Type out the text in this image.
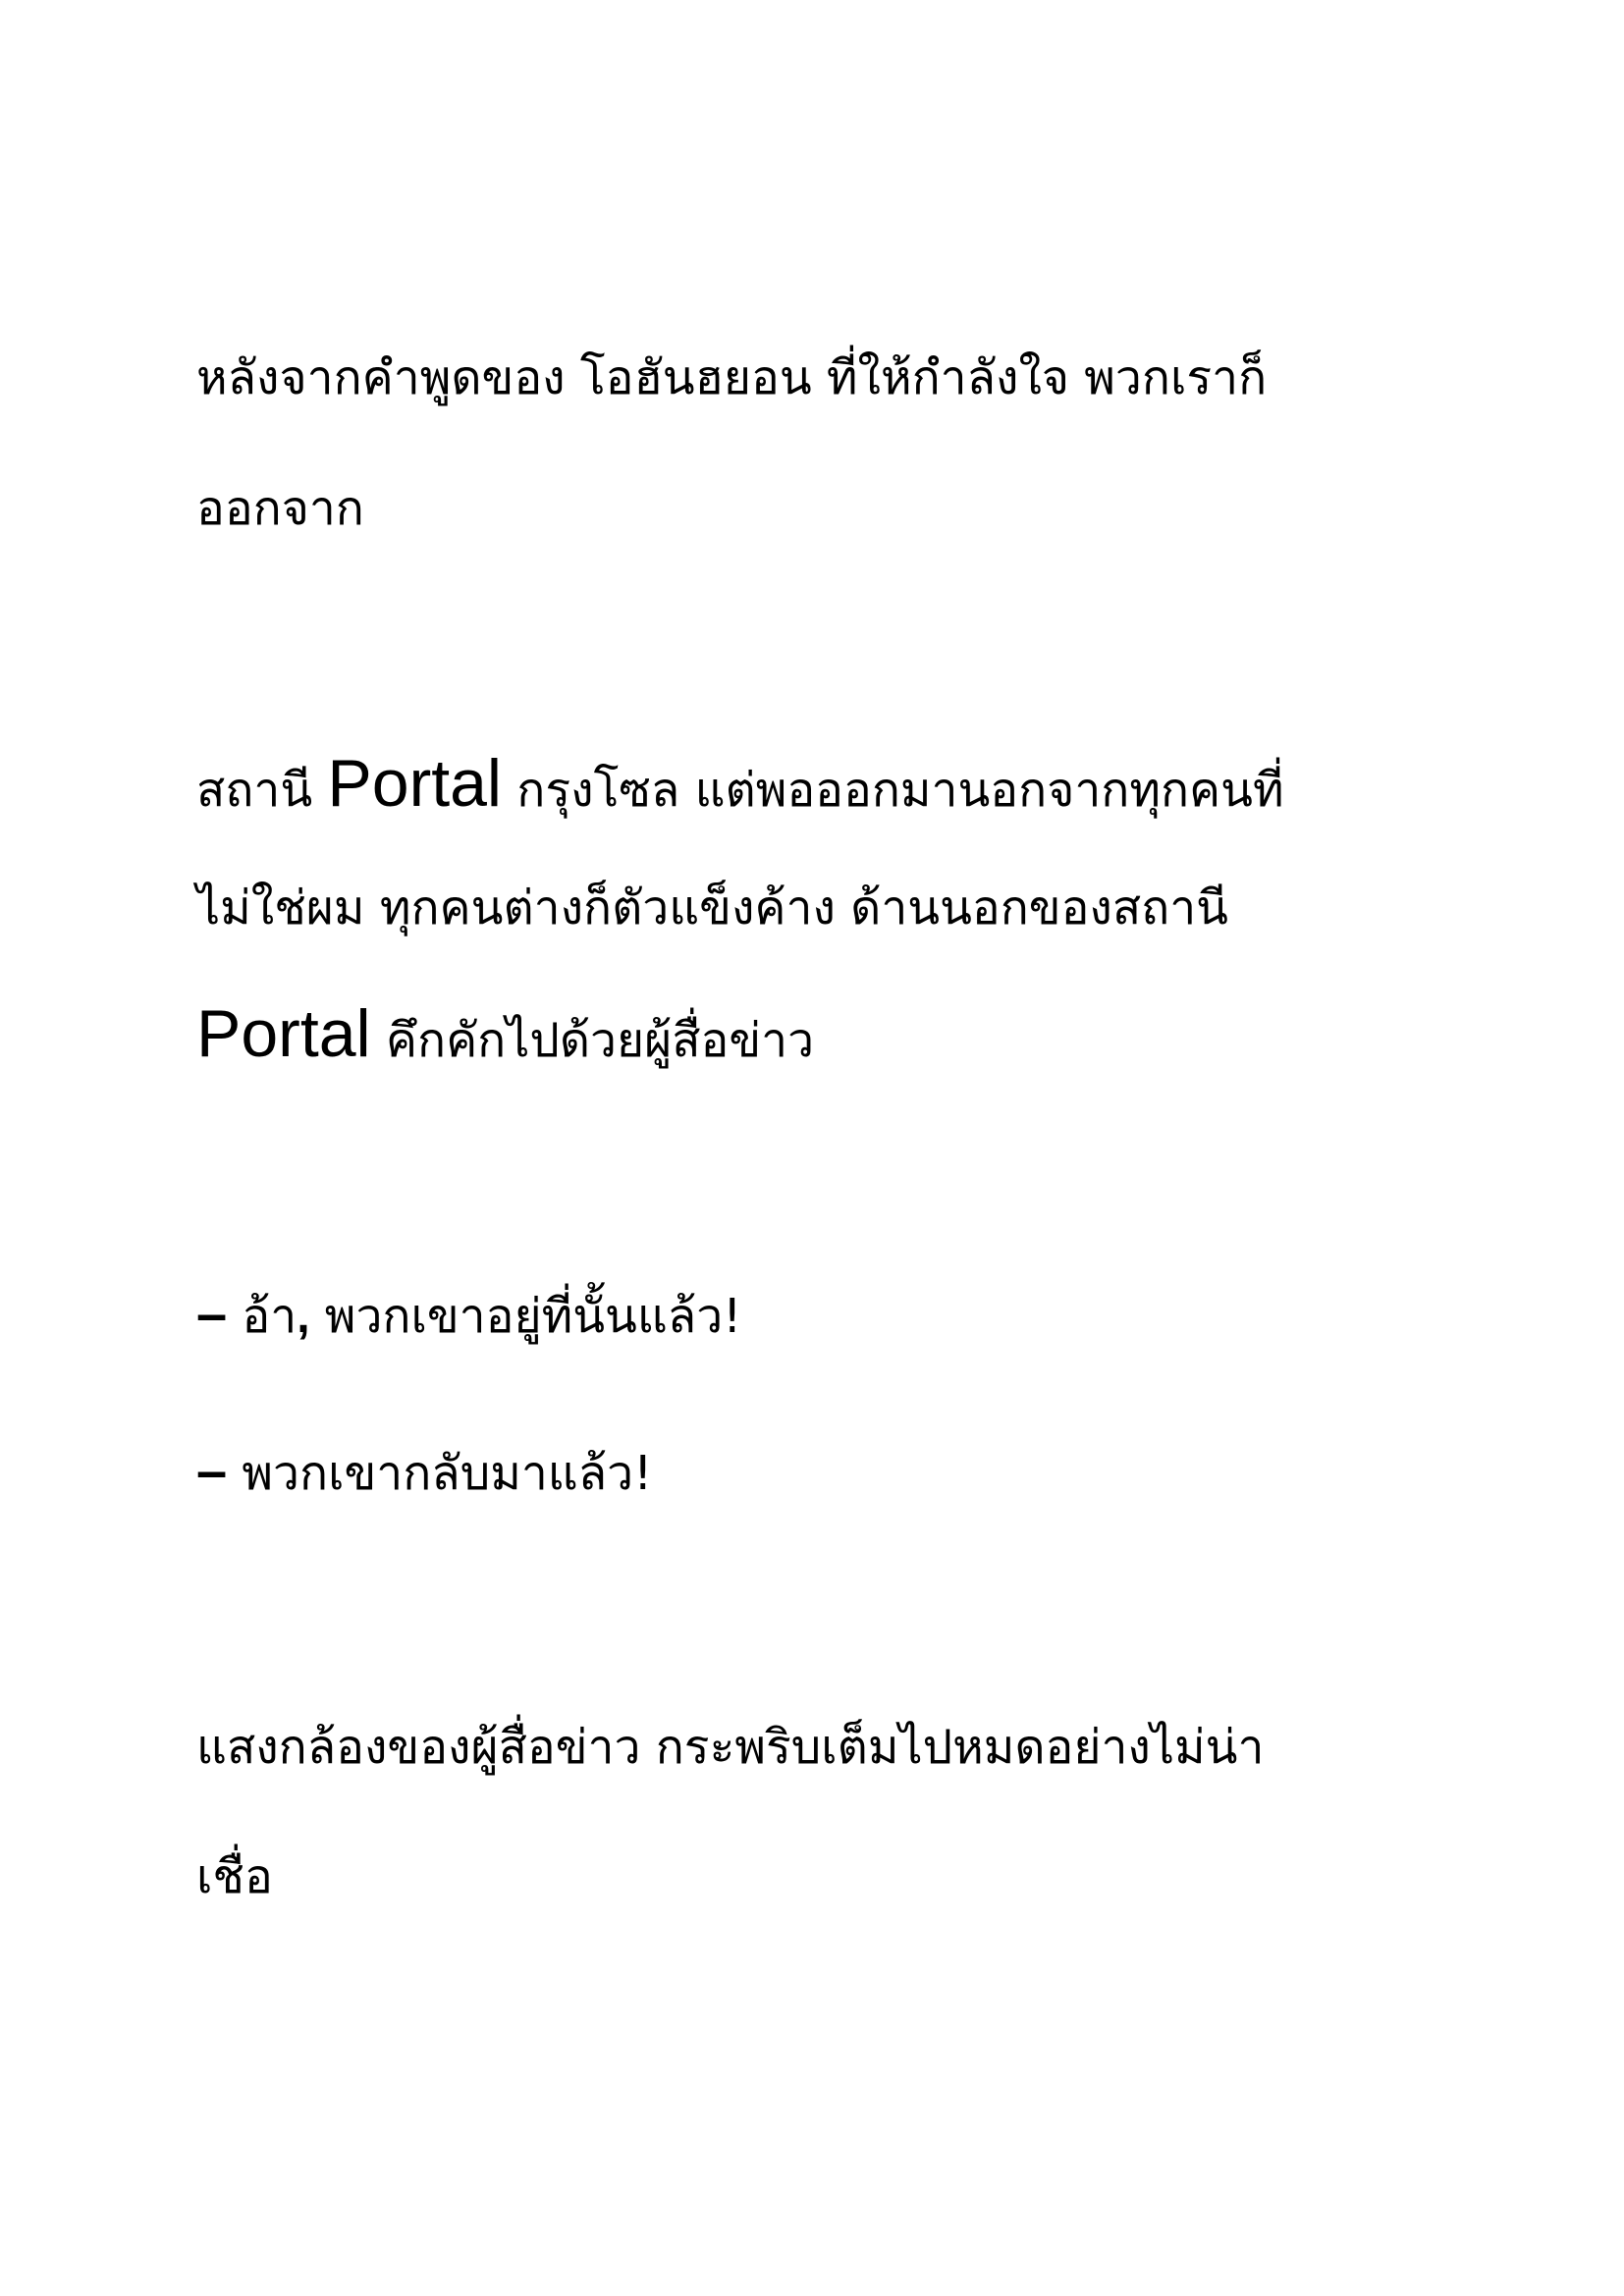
หลังจากคำพูดของ โอฮันฮยอน ที่ให้กำลังใจ พวกเราก็
ออกจาก
สถานี Portal กรุงโซล แต่พอออกมานอกจากทุกคนที่
ไม่ใช่ผม ทุกคนต่างก็ตัวแข็งค้าง ด้านนอกของสถานี
Portal คึกคักไปด้วยผู้สื่อข่าว
– อ้า, พวกเขาอยู่ที่นั้นแล้ว!
– พวกเขากลับมาแล้ว!
แสงกล้องของผู้สื่อข่าว กระพริบเต็มไปหมดอย่างไม่น่า
เชื่อ
